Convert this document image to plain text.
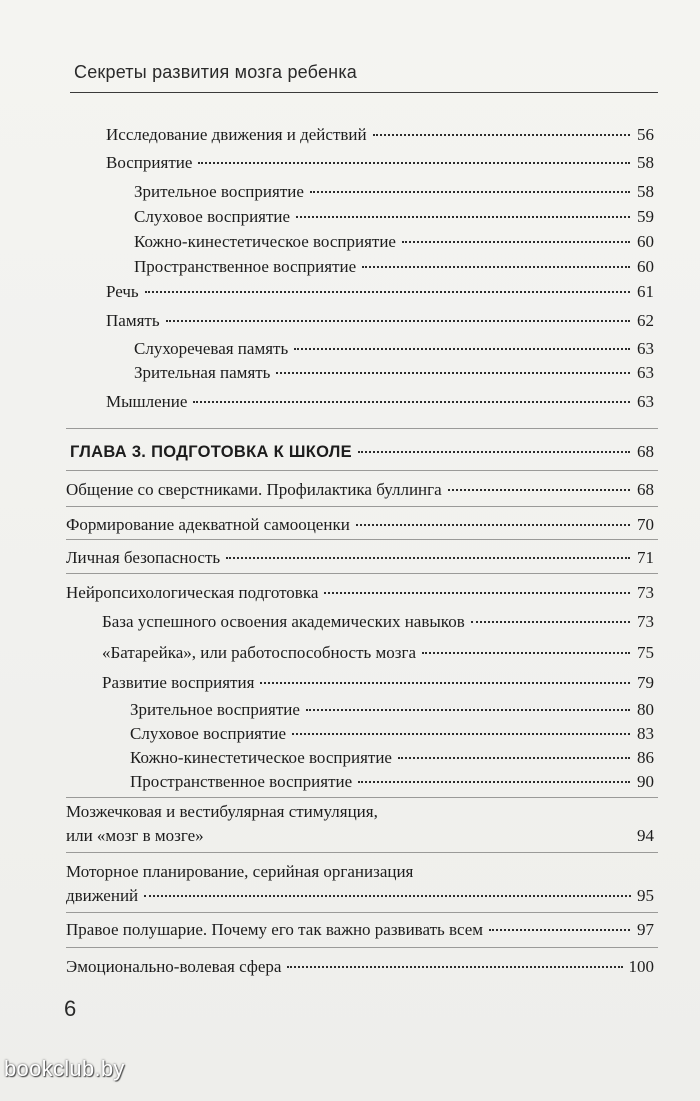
Секреты развития мозга ребенка
Исследование движения и действий	56
Восприятие	58
Зрительное восприятие	58
Слуховое восприятие	59
Кожно-кинестетическое восприятие	60
Пространственное восприятие	60
Речь	61
Память	62
Слухоречевая память	63
Зрительная память	63
Мышление	63
ГЛАВА 3. ПОДГОТОВКА К ШКОЛЕ	68
Общение со сверстниками. Профилактика буллинга	68
Формирование адекватной самооценки	70
Личная безопасность	71
Нейропсихологическая подготовка	73
База успешного освоения академических навыков	73
«Батарейка», или работоспособность мозга	75
Развитие восприятия	79
Зрительное восприятие	80
Слуховое восприятие	83
Кожно-кинестетическое восприятие	86
Пространственное восприятие	90
Мозжечковая и вестибулярная стимуляция,
или «мозг в мозге»	94
Моторное планирование, серийная организация
движений	95
Правое полушарие. Почему его так важно развивать всем	97
Эмоционально-волевая сфера	100
6
bookclub.by
